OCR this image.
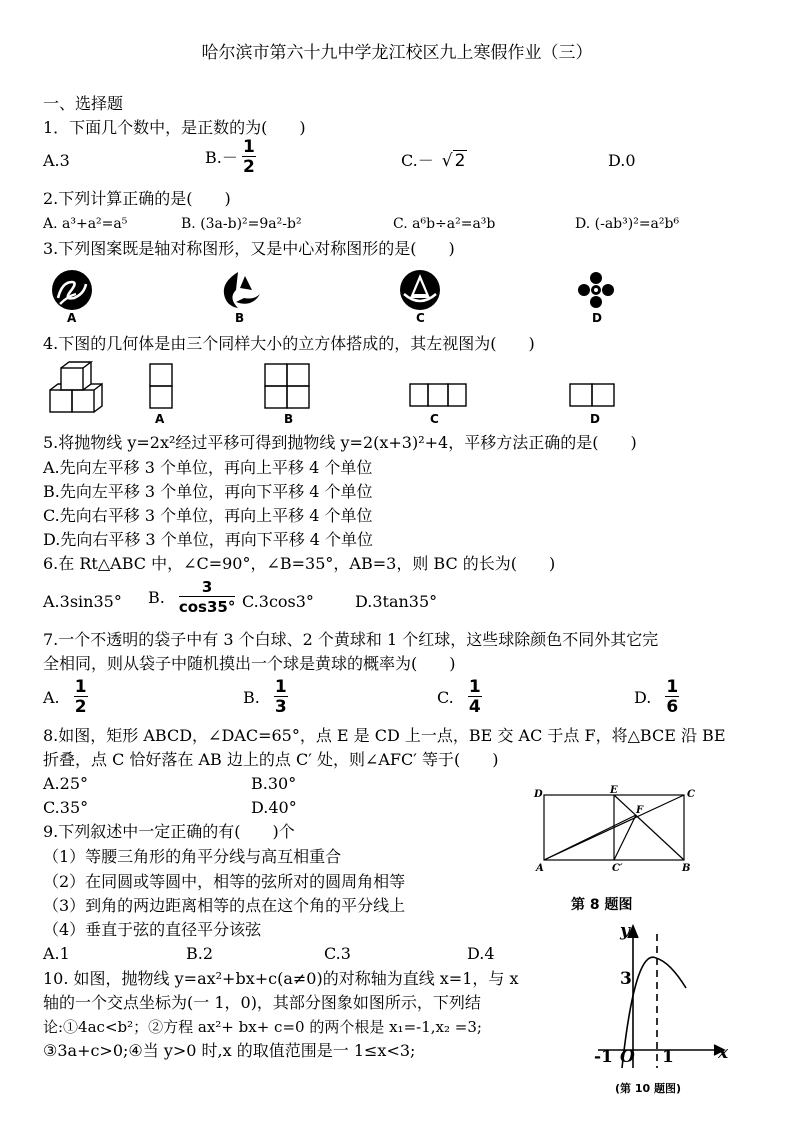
哈尔滨市第六十九中学龙江校区九上寒假作业（三）
一、选择题
1．下面几个数中，是正数的为(　　)
A.3	$B.- \frac{1}{2}$	C.－ √ 2	D.0
2.下列计算正确的是(　　)
A. a³+a²=a⁵	B. (3a-b)²=9a²-b²	C. a⁶b÷a²=a³b	D. (-ab³)²=a²b⁶
3.下列图案既是轴对称图形，又是中心对称图形的是(　　)
A	B	C	D
4.下图的几何体是由三个同样大小的立方体搭成的，其左视图为(　　)
A	B	C	D
5.将抛物线 y=2x²经过平移可得到抛物线 y=2(x+3)²+4，平移方法正确的是(　　)
A.先向左平移 3 个单位，再向上平移 4 个单位
B.先向左平移 3 个单位，再向下平移 4 个单位
C.先向右平移 3 个单位，再向上平移 4 个单位
D.先向右平移 3 个单位，再向下平移 4 个单位
6.在 Rt△ABC 中，∠C=90°，∠B=35°，AB=3，则 BC 的长为(　　)
A.3sin35° B. $\frac{3}{\cos 35^\circ} C.3\cos 3^\circ$	D.3tan35°
7.一个不透明的袋子中有 3 个白球、2 个黄球和 1 个红球，这些球除颜色不同外其它完
全相同，则从袋子中随机摸出一个球是黄球的概率为(　　)
A. $\frac{1}{2}$	B. $\frac{1}{3}$	C. $\frac{1}{4}$	D. $\frac{1}{6}$
8.如图，矩形 ABCD，∠DAC=65°，点 E 是 CD 上一点，BE 交 AC 于点 F，将△BCE 沿 BE
折叠，点 C 恰好落在 AB 边上的点 C′ 处，则∠AFC′ 等于(　　)
A.25°	B.30°
C.35°	D.40°
D	E	C
F
A	C′	B
第 8 题图
9.下列叙述中一定正确的有(　　)个
（1）等腰三角形的角平分线与高互相重合
（2）在同圆或等圆中，相等的弦所对的圆周角相等
（3）到角的两边距离相等的点在这个角的平分线上
（4）垂直于弦的直径平分该弦
A.1	B.2	C.3	D.4
10. 如图，抛物线 y=ax²+bx+c(a≠0)的对称轴为直线 x=1，与 x
轴的一个交点坐标为(一 1，0)，其部分图象如图所示，下列结
论:①4ac<b²；②方程 ax²+ bx+ c=0 的两个根是 x₁=-1,x₂ =3;
③3a+c>0;④当 y>0 时,x 的取值范围是一 1≤x<3;
y
x
3
-1 O 1
(第 10 题图)
